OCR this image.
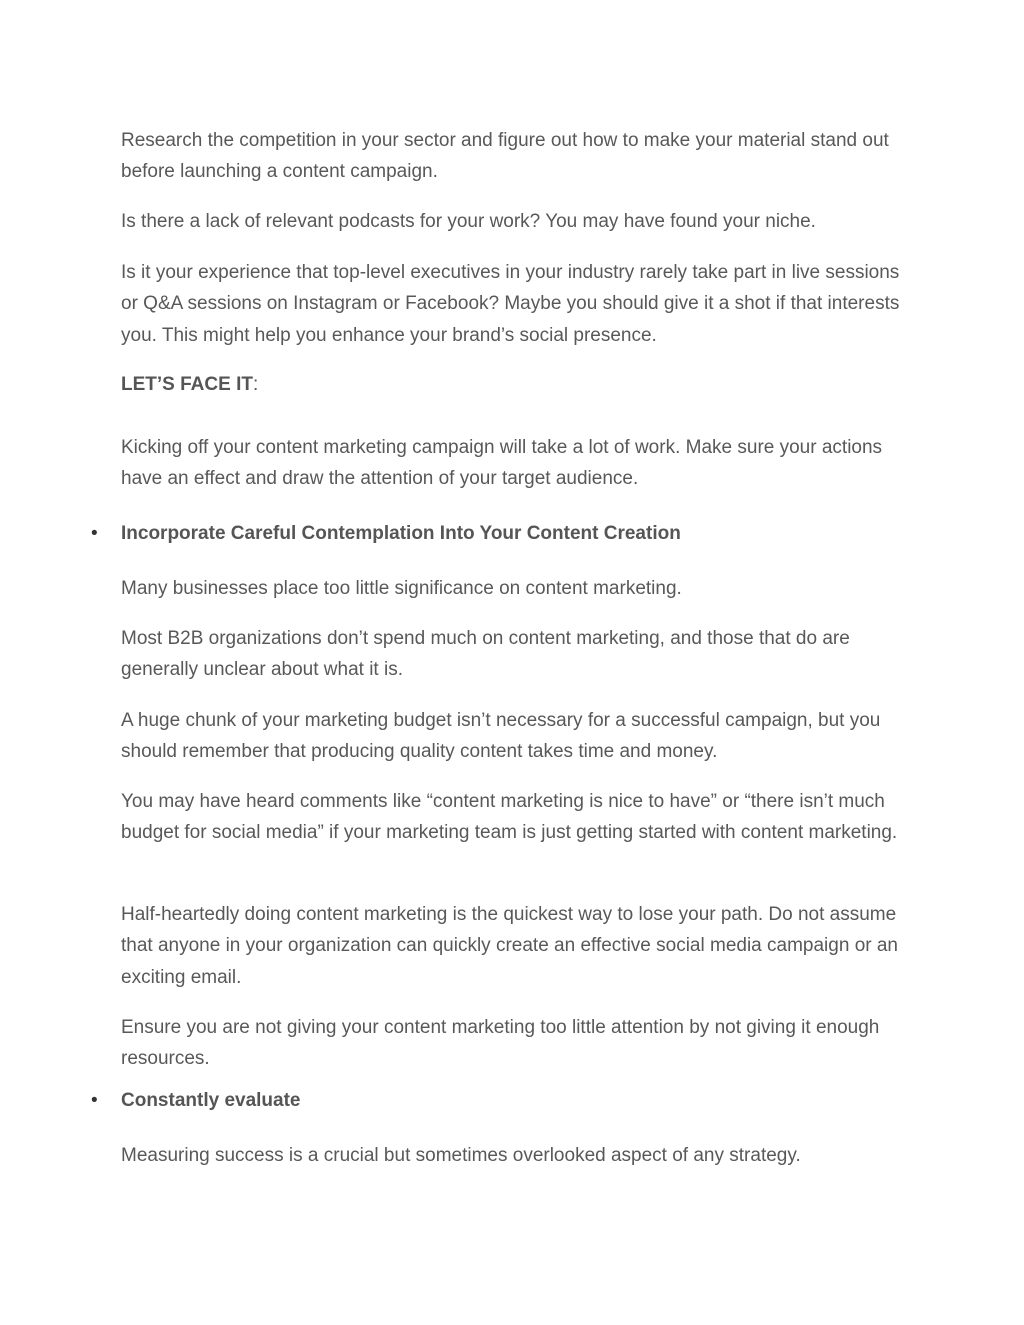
Research the competition in your sector and figure out how to make your material stand out before launching a content campaign.

Is there a lack of relevant podcasts for your work? You may have found your niche.

Is it your experience that top-level executives in your industry rarely take part in live sessions or Q&A sessions on Instagram or Facebook? Maybe you should give it a shot if that interests you. This might help you enhance your brand’s social presence.

LET’S FACE IT:

Kicking off your content marketing campaign will take a lot of work. Make sure your actions have an effect and draw the attention of your target audience.

• Incorporate Careful Contemplation Into Your Content Creation

Many businesses place too little significance on content marketing.

Most B2B organizations don’t spend much on content marketing, and those that do are generally unclear about what it is.

A huge chunk of your marketing budget isn’t necessary for a successful campaign, but you should remember that producing quality content takes time and money.

You may have heard comments like “content marketing is nice to have” or “there isn’t much budget for social media” if your marketing team is just getting started with content marketing.

Half-heartedly doing content marketing is the quickest way to lose your path. Do not assume that anyone in your organization can quickly create an effective social media campaign or an exciting email.

Ensure you are not giving your content marketing too little attention by not giving it enough resources.

• Constantly evaluate

Measuring success is a crucial but sometimes overlooked aspect of any strategy.
